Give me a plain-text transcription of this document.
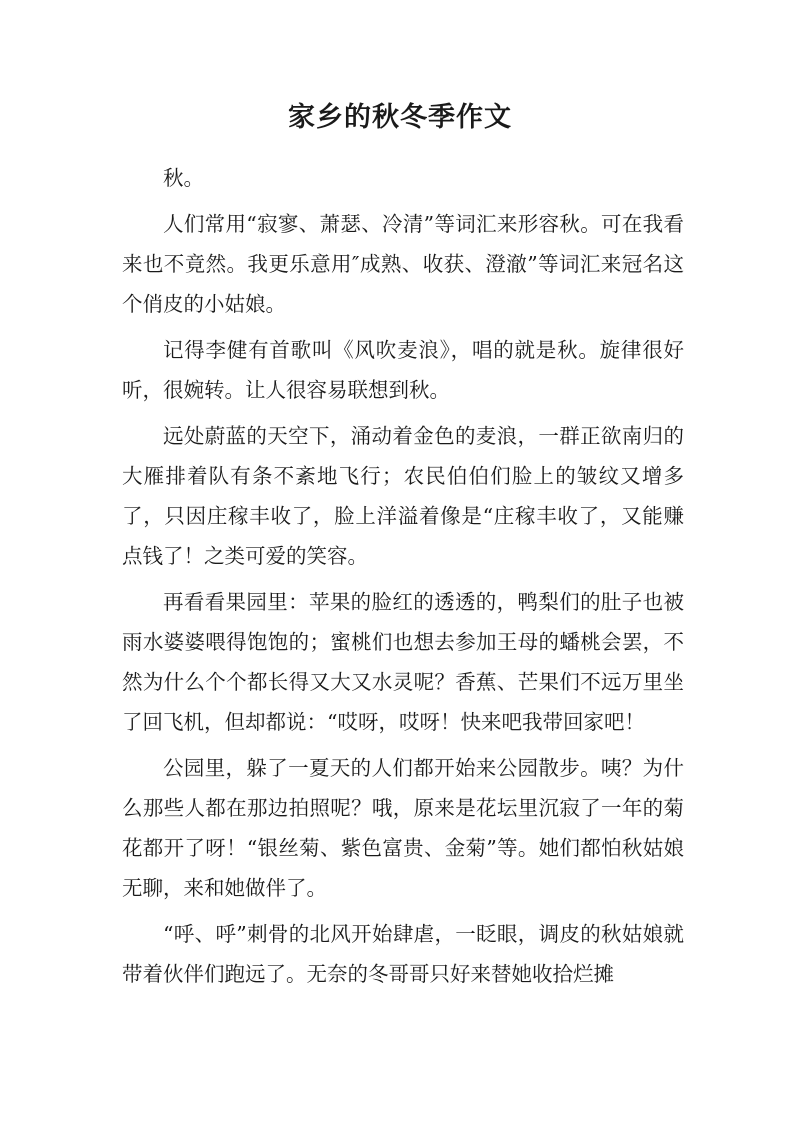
家乡的秋冬季作文

秋。

人们常用“寂寥、萧瑟、冷清”等词汇来形容秋。可在我看来也不竟然。我更乐意用″成熟、收获、澄澈”等词汇来冠名这个俏皮的小姑娘。

记得李健有首歌叫《风吹麦浪》，唱的就是秋。旋律很好听，很婉转。让人很容易联想到秋。

远处蔚蓝的天空下，涌动着金色的麦浪，一群正欲南归的大雁排着队有条不紊地飞行；农民伯伯们脸上的皱纹又增多了，只因庄稼丰收了，脸上洋溢着像是“庄稼丰收了，又能赚点钱了！之类可爱的笑容。

再看看果园里：苹果的脸红的透透的，鸭梨们的肚子也被雨水婆婆喂得饱饱的；蜜桃们也想去参加王母的蟠桃会罢，不然为什么个个都长得又大又水灵呢？香蕉、芒果们不远万里坐了回飞机，但却都说：“哎呀，哎呀！快来吧我带回家吧！

公园里，躲了一夏天的人们都开始来公园散步。咦？为什么那些人都在那边拍照呢？哦，原来是花坛里沉寂了一年的菊花都开了呀！“银丝菊、紫色富贵、金菊”等。她们都怕秋姑娘无聊，来和她做伴了。

“呼、呼”刺骨的北风开始肆虐，一眨眼，调皮的秋姑娘就带着伙伴们跑远了。无奈的冬哥哥只好来替她收拾烂摊
